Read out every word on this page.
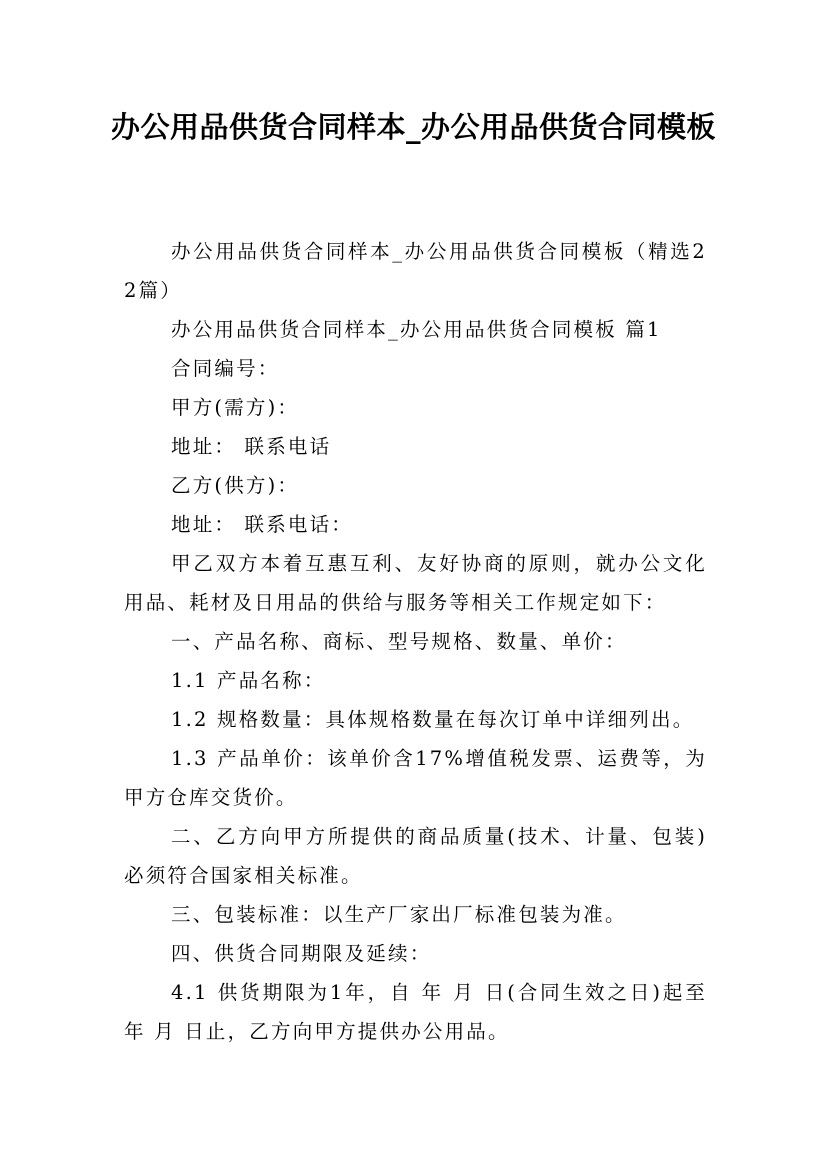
办公用品供货合同样本_办公用品供货合同模板

办公用品供货合同样本_办公用品供货合同模板（精选22篇）

办公用品供货合同样本_办公用品供货合同模板 篇1

合同编号：

甲方(需方)：

地址： 联系电话

乙方(供方)：

地址： 联系电话：

甲乙双方本着互惠互利、友好协商的原则，就办公文化用品、耗材及日用品的供给与服务等相关工作规定如下：

一、产品名称、商标、型号规格、数量、单价：

1.1 产品名称：

1.2 规格数量：具体规格数量在每次订单中详细列出。

1.3 产品单价：该单价含17%增值税发票、运费等，为甲方仓库交货价。

二、乙方向甲方所提供的商品质量(技术、计量、包装)必须符合国家相关标准。

三、包装标准：以生产厂家出厂标准包装为准。

四、供货合同期限及延续：

4.1 供货期限为1年，自 年 月 日(合同生效之日)起至 年 月 日止，乙方向甲方提供办公用品。
